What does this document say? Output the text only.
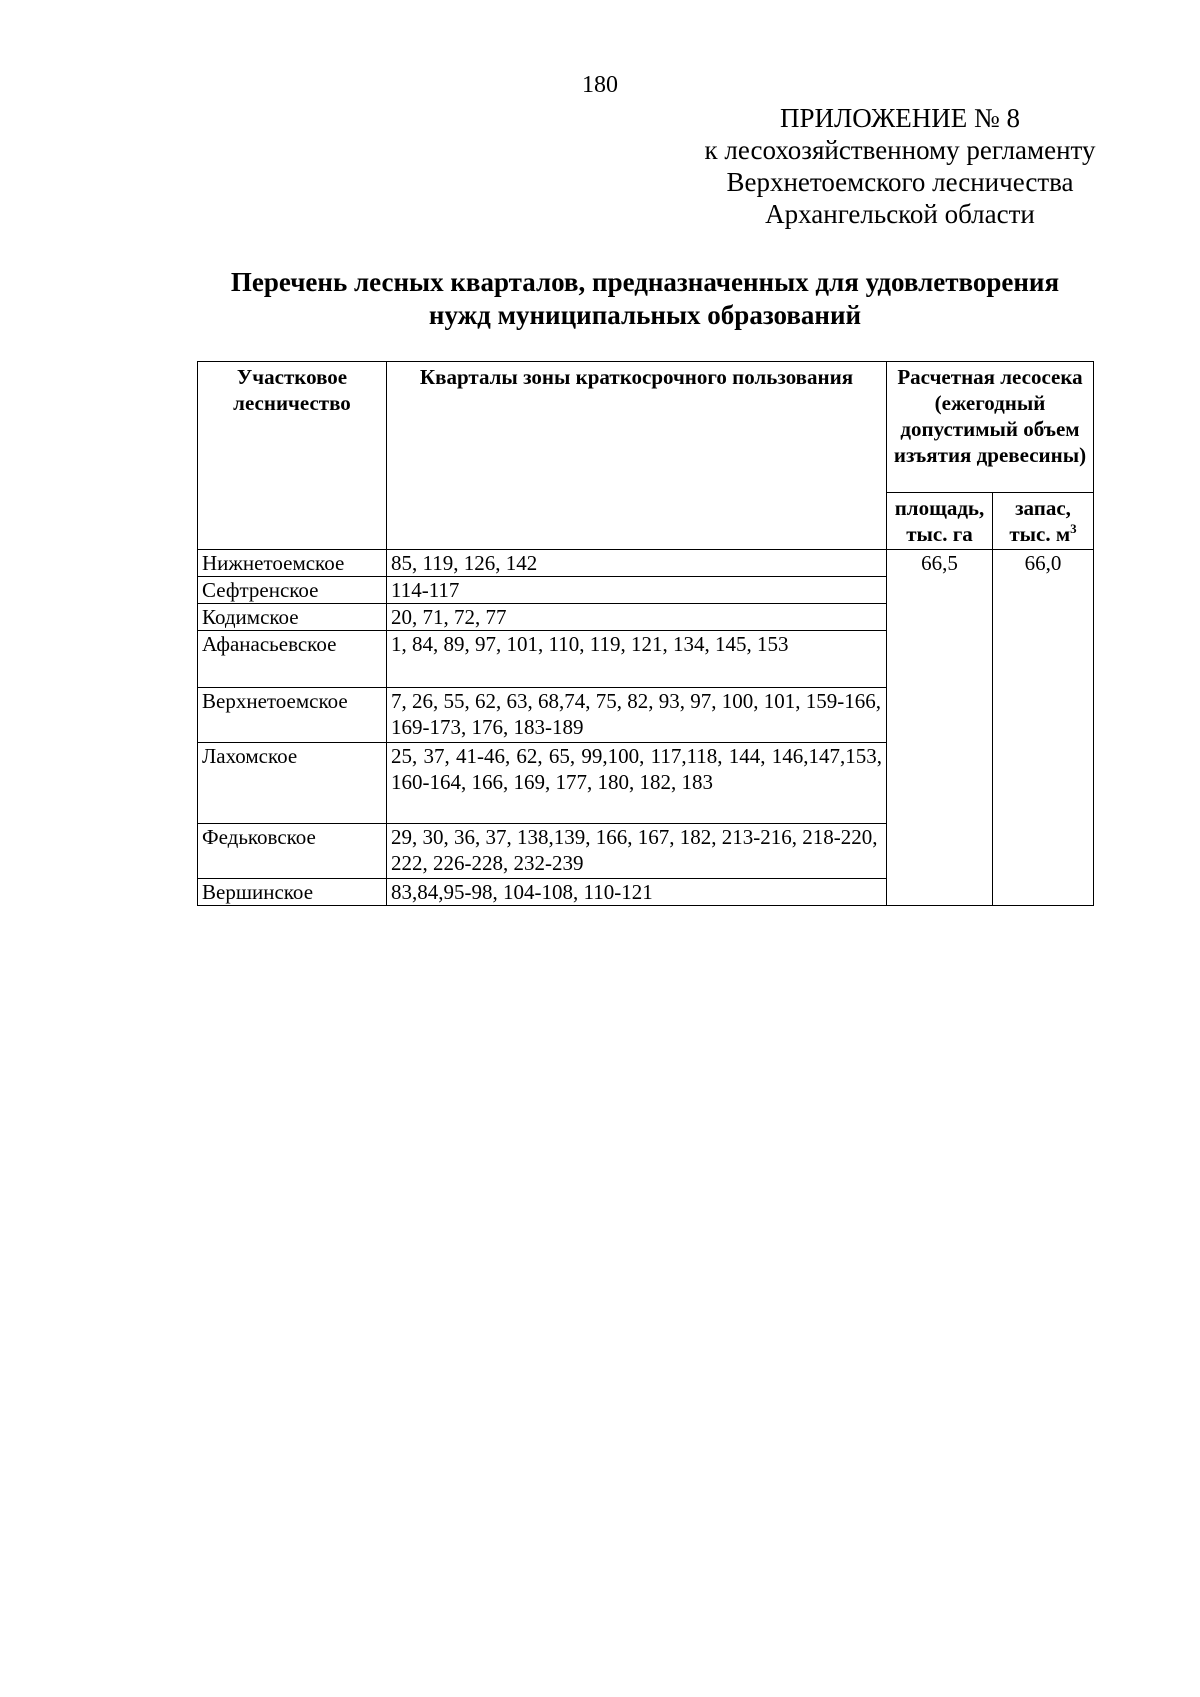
180
ПРИЛОЖЕНИЕ № 8
к лесохозяйственному регламенту
Верхнетоемского лесничества
Архангельской области
Перечень лесных кварталов, предназначенных для удовлетворения
нужд муниципальных образований
Участковое лесничество	Кварталы зоны краткосрочного пользования	Расчетная лесосека (ежегодный допустимый объем изъятия древесины)	
		площадь, тыс. га	запас, тыс. $м^3$
Нижнетоемское	85, 119, 126, 142	66,5	66,0
Сефтренское	114-117		
Кодимское	20, 71, 72, 77		
Афанасьевское	1, 84, 89, 97, 101, 110, 119, 121, 134, 145, 153		
Верхнетоемское	7, 26, 55, 62, 63, 68,74, 75, 82, 93, 97, 100, 101, 159-166, 169-173, 176, 183-189		
Лахомское	25, 37, 41-46, 62, 65, 99,100, 117,118, 144, 146,147,153, 160-164, 166, 169, 177, 180, 182, 183		
Федьковское	29, 30, 36, 37, 138,139, 166, 167, 182, 213-216, 218-220, 222, 226-228, 232-239		
Вершинское	83,84,95-98, 104-108, 110-121		
